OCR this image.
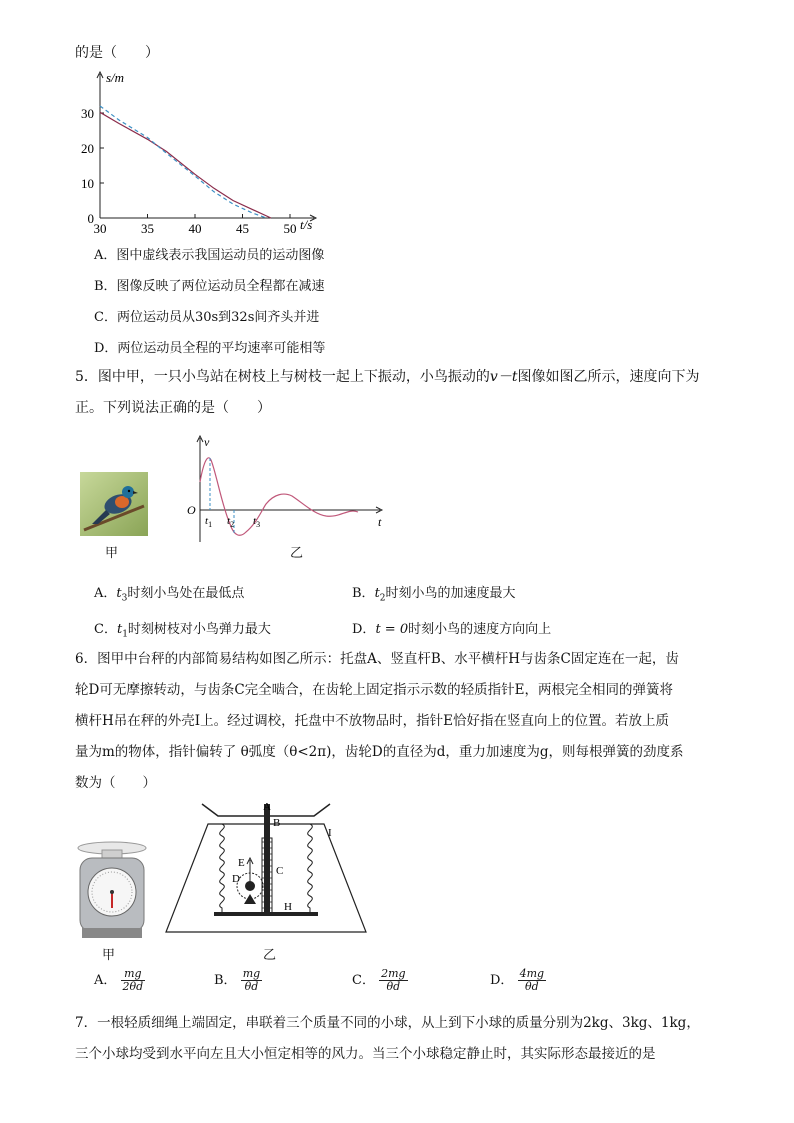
的是（　　）
s/m
t/s
30	35	40	45	50
0
10
20
30
A．图中虚线表示我国运动员的运动图像
B．图像反映了两位运动员全程都在减速
C．两位运动员从30s到32s间齐头并进
D．两位运动员全程的平均速率可能相等
5．图中甲，一只小鸟站在树枝上与树枝一起上下振动，小鸟振动的v－t图像如图乙所示，速度向下为
正。下列说法正确的是（　　）
甲
v
t
O
$t_1$ $t_2$ $t_3$
乙
A．$t_3$时刻小鸟处在最低点	B．$t_2$时刻小鸟的加速度最大
C．$t_1$时刻树枝对小鸟弹力最大	D．t = 0时刻小鸟的速度方向向上
6．图甲中台秤的内部简易结构如图乙所示：托盘A、竖直杆B、水平横杆H与齿条C固定连在一起，齿
轮D可无摩擦转动，与齿条C完全啮合，在齿轮上固定指示示数的轻质指针E，两根完全相同的弹簧将
横杆H吊在秤的外壳I上。经过调校，托盘中不放物品时，指针E恰好指在竖直向上的位置。若放上质
量为m的物体，指针偏转了 θ弧度（θ<2π)，齿轮D的直径为d，重力加速度为g，则每根弹簧的劲度系
数为（　　）
甲
A
B
C
D
E
H
I
乙
A． $\frac{mg}{2\theta d}$	B． $\frac{mg}{\theta d}$	C． $\frac{2mg}{\theta d}$	D． $\frac{4mg}{\theta d}$
7．一根轻质细绳上端固定，串联着三个质量不同的小球，从上到下小球的质量分别为2kg、3kg、1kg，
三个小球均受到水平向左且大小恒定相等的风力。当三个小球稳定静止时，其实际形态最接近的是
